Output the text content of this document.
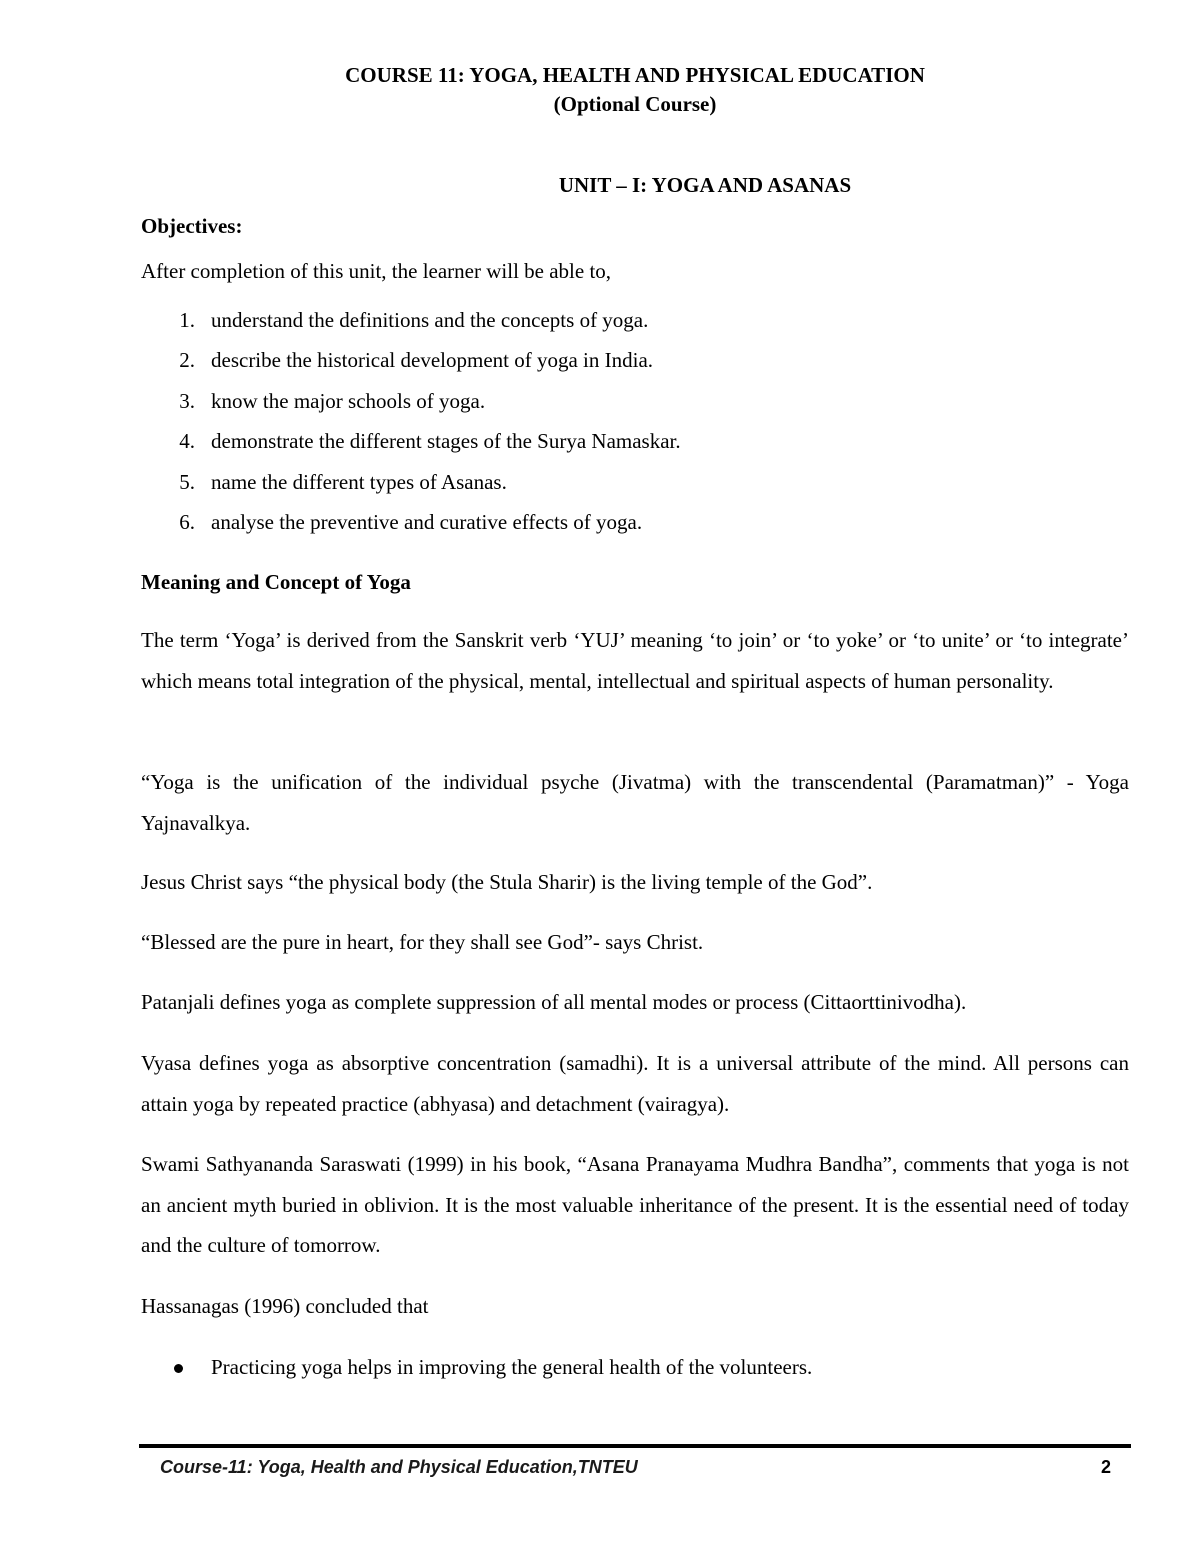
COURSE 11: YOGA, HEALTH AND PHYSICAL EDUCATION
(Optional Course)
UNIT – I: YOGA AND ASANAS
Objectives:
After completion of this unit, the learner will be able to,
1. understand the definitions and the concepts of yoga.
2. describe the historical development of yoga in India.
3. know the major schools of yoga.
4. demonstrate the different stages of the Surya Namaskar.
5. name the different types of Asanas.
6. analyse the preventive and curative effects of yoga.
Meaning and Concept of Yoga

The term ‘Yoga’ is derived from the Sanskrit verb ‘YUJ’ meaning ‘to join’ or ‘to yoke’ or ‘to unite’ or ‘to integrate’ which means total integration of the physical, mental, intellectual and spiritual aspects of human personality.

“Yoga is the unification of the individual psyche (Jivatma) with the transcendental (Paramatman)” - Yoga Yajnavalkya.

Jesus Christ says “the physical body (the Stula Sharir) is the living temple of the God”.

“Blessed are the pure in heart, for they shall see God”- says Christ.

Patanjali defines yoga as complete suppression of all mental modes or process (Cittaorttinivodha).

Vyasa defines yoga as absorptive concentration (samadhi). It is a universal attribute of the mind. All persons can attain yoga by repeated practice (abhyasa) and detachment (vairagya).

Swami Sathyananda Saraswati (1999) in his book, “Asana Pranayama Mudhra Bandha”, comments that yoga is not an ancient myth buried in oblivion. It is the most valuable inheritance of the present. It is the essential need of today and the culture of tomorrow.

Hassanagas (1996) concluded that

Practicing yoga helps in improving the general health of the volunteers.
Course-11: Yoga, Health and Physical Education,TNTEU	2
